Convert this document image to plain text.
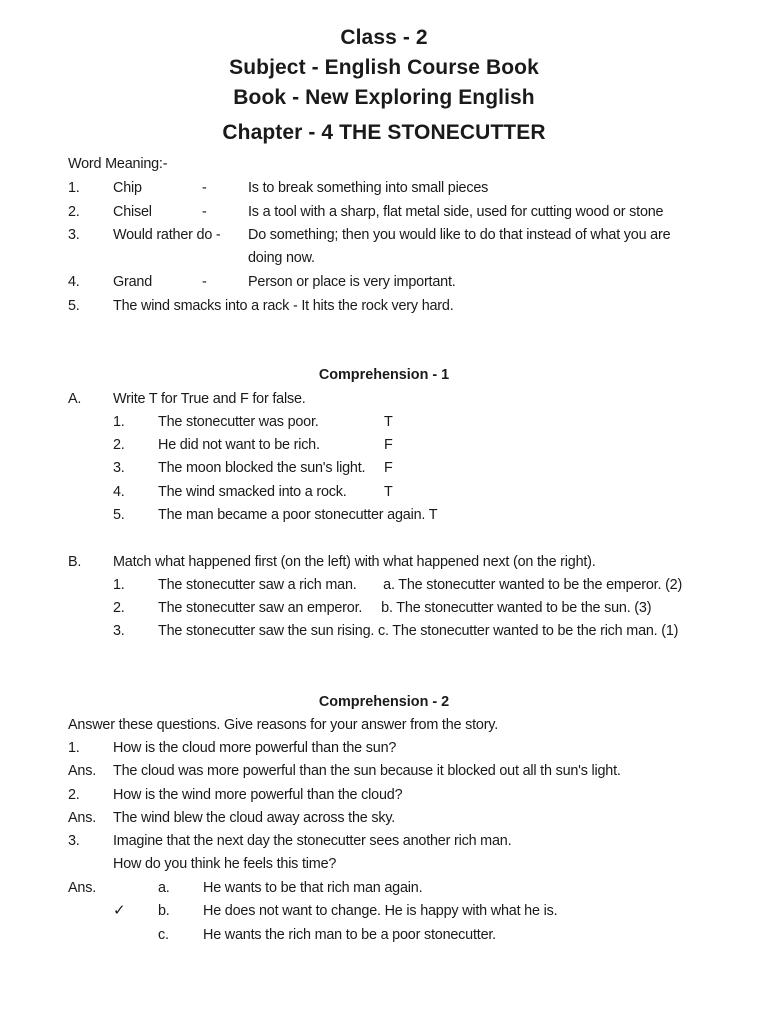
Class - 2
Subject - English Course Book
Book - New Exploring English
Chapter - 4 THE STONECUTTER
Word Meaning:-
1. Chip	-	Is to break something into small pieces
2. Chisel	-	Is a tool with a sharp, flat metal side, used for cutting wood or stone
3. Would rather do - Do something; then you would like to do that instead of what you are
doing now.
4. Grand	-	Person or place is very important.
5. The wind smacks into a rack - It hits the rock very hard.
Comprehension - 1
A. Write T for True and F for false.
1. The stonecutter was poor.	T
2. He did not want to be rich.	F
3. The moon blocked the sun's light. F
4. The wind smacked into a rock.	T
5. The man became a poor stonecutter again. T
B. Match what happened first (on the left) with what happened next (on the right).
1. The stonecutter saw a rich man.       a. The stonecutter wanted to be the emperor. (2)
2. The stonecutter saw an emperor.     b. The stonecutter wanted to be the sun. (3)
3. The stonecutter saw the sun rising. c. The stonecutter wanted to be the rich man. (1)
Comprehension - 2
Answer these questions. Give reasons for your answer from the story.
1. How is the cloud more powerful than the sun?
Ans. The cloud was more powerful than the sun because it blocked out all th sun's light.
2. How is the wind more powerful than the cloud?
Ans. The wind blew the cloud away across the sky.
3. Imagine that the next day the stonecutter sees another rich man.
How do you think he feels this time?
Ans.	a. He wants to be that rich man again.
✓ b. He does not want to change. He is happy with what he is.
c. He wants the rich man to be a poor stonecutter.
